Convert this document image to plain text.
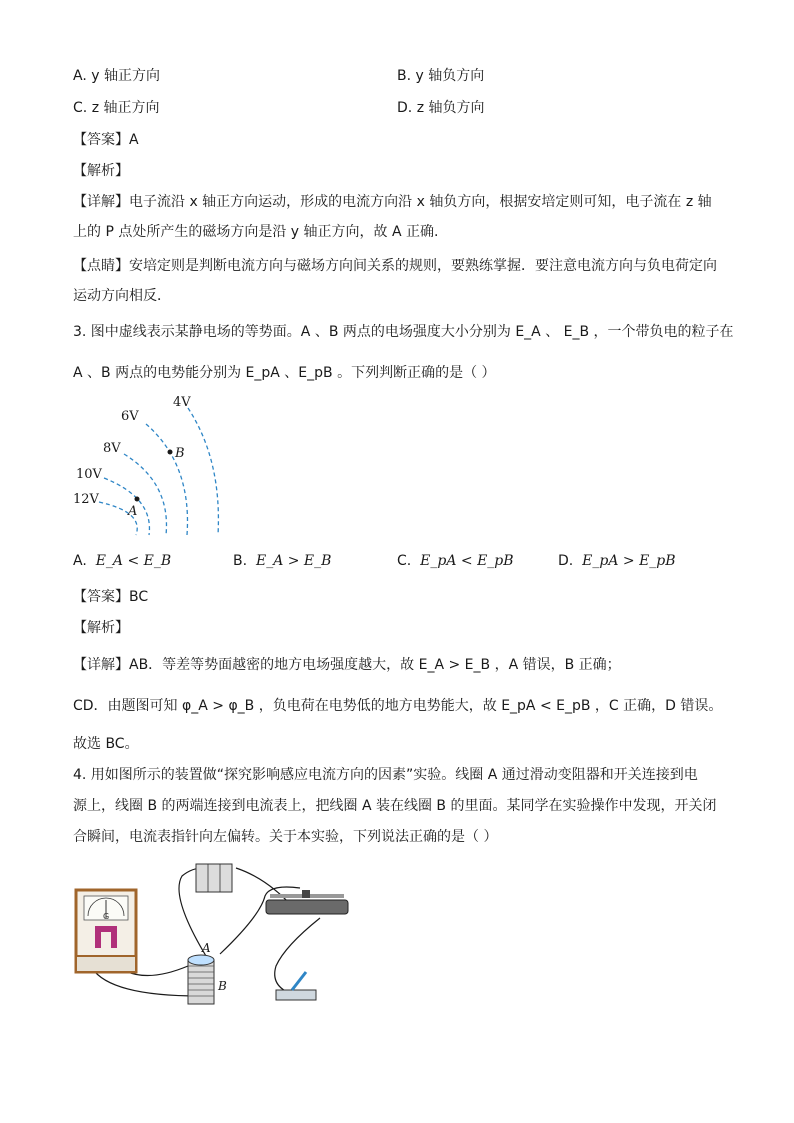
A. y 轴正方向	B. y 轴负方向
C. z 轴正方向	D. z 轴负方向
【答案】A
【解析】
【详解】电子流沿 x 轴正方向运动，形成的电流方向沿 x 轴负方向，根据安培定则可知，电子流在 z 轴
上的 P 点处所产生的磁场方向是沿 y 轴正方向，故 A 正确.
【点睛】安培定则是判断电流方向与磁场方向间关系的规则，要熟练掌握．要注意电流方向与负电荷定向
运动方向相反．
3. 图中虚线表示某静电场的等势面。A 、B 两点的电场强度大小分别为 E_A 、 E_B ，一个带负电的粒子在
A 、B 两点的电势能分别为 E_pA 、E_pB 。下列判断正确的是（ ）
4V
6V
8V
10V
12V
B
A
A. E_A < E_B	B. E_A > E_B	C. E_pA < E_pB	D. E_pA > E_pB
【答案】BC
【解析】
【详解】AB．等差等势面越密的地方电场强度越大，故 E_A > E_B ，A 错误，B 正确；
CD．由题图可知 φ_A > φ_B ，负电荷在电势低的地方电势能大，故 E_pA < E_pB ，C 正确，D 错误。
故选 BC。
4. 用如图所示的装置做“探究影响感应电流方向的因素”实验。线圈 A 通过滑动变阻器和开关连接到电
源上，线圈 B 的两端连接到电流表上，把线圈 A 装在线圈 B 的里面。某同学在实验操作中发现，开关闭
合瞬间，电流表指针向左偏转。关于本实验，下列说法正确的是（ ）
G
A
B
